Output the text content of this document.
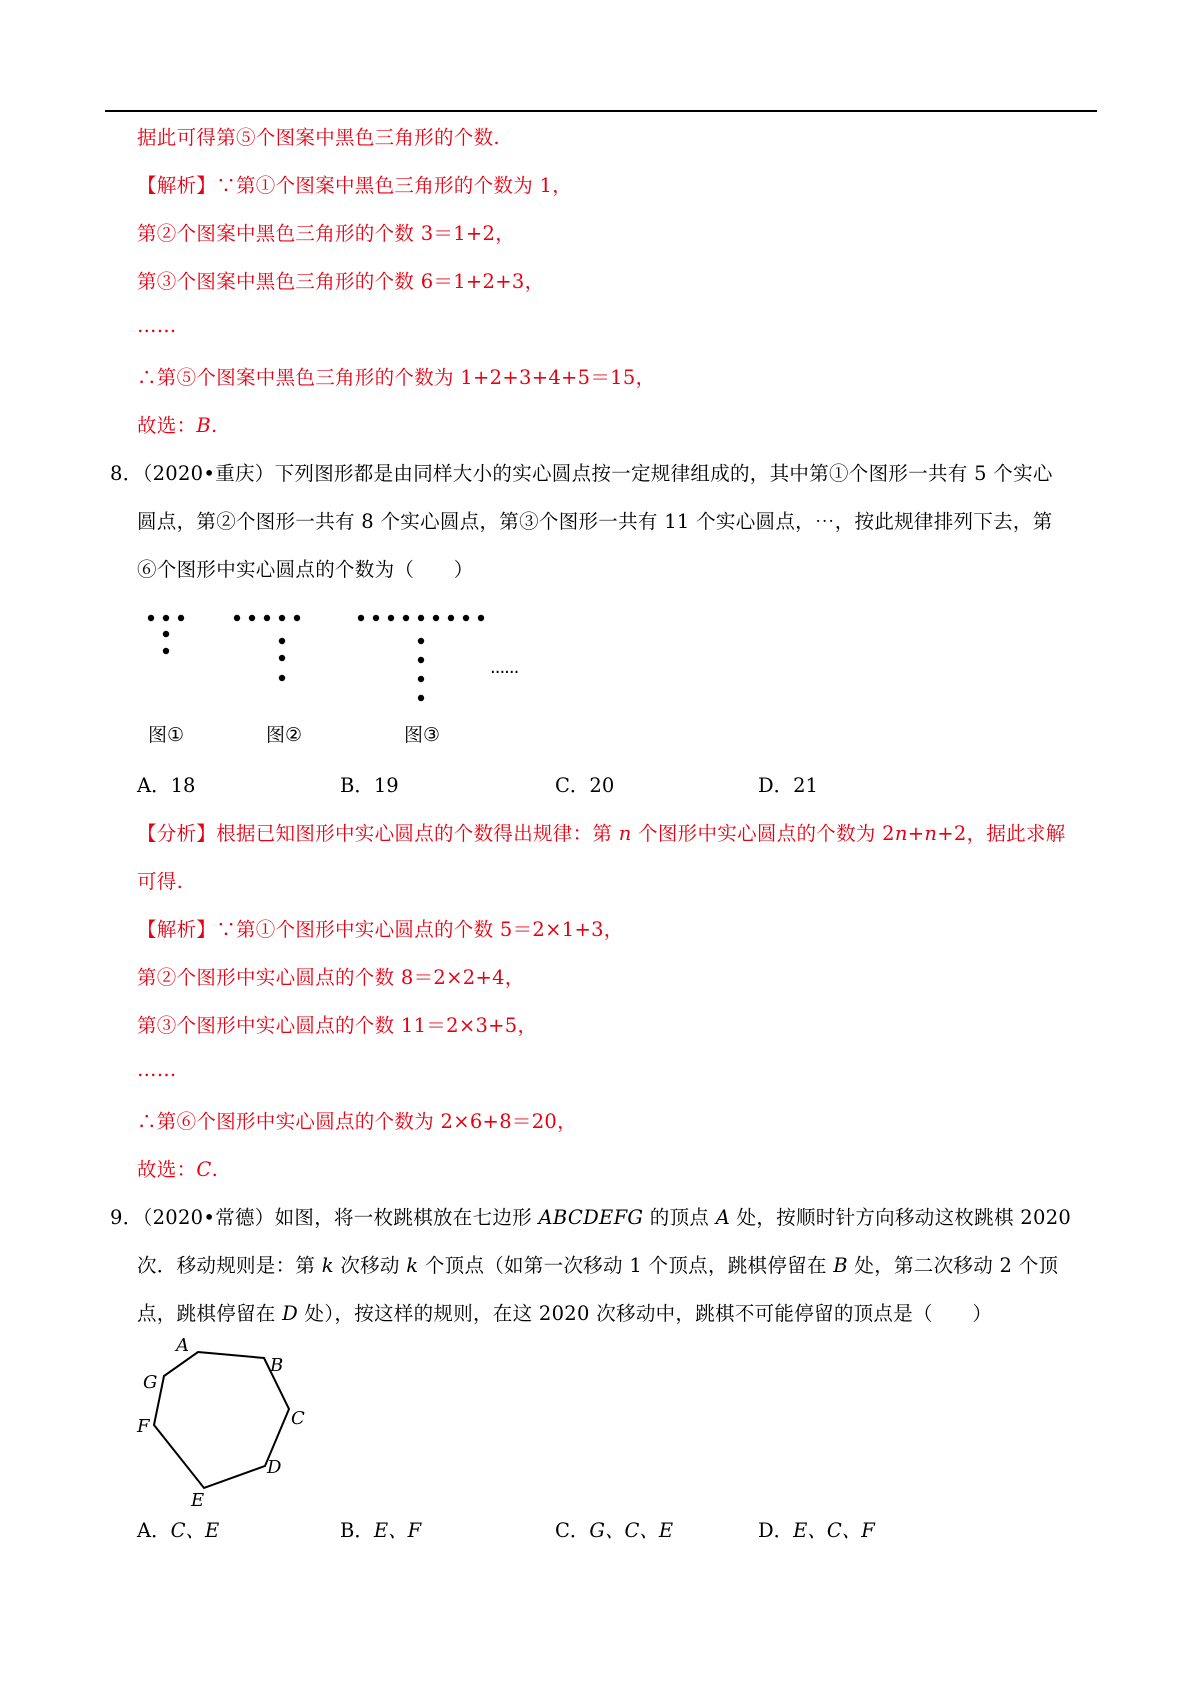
据此可得第⑤个图案中黑色三角形的个数.
【解析】∵第①个图案中黑色三角形的个数为 1，
第②个图案中黑色三角形的个数 3＝1+2，
第③个图案中黑色三角形的个数 6＝1+2+3，
……
∴第⑤个图案中黑色三角形的个数为 1+2+3+4+5＝15，
故选：B.
8．（2020•重庆）下列图形都是由同样大小的实心圆点按一定规律组成的，其中第①个图形一共有 5 个实心
圆点，第②个图形一共有 8 个实心圆点，第③个图形一共有 11 个实心圆点，⋯，按此规律排列下去，第
⑥个图形中实心圆点的个数为（　　）
......
图①	图②	图③
A．18	B．19	C．20	D．21
【分析】根据已知图形中实心圆点的个数得出规律：第 n 个图形中实心圆点的个数为 2n+n+2，据此求解
可得.
【解析】∵第①个图形中实心圆点的个数 5＝2×1+3，
第②个图形中实心圆点的个数 8＝2×2+4，
第③个图形中实心圆点的个数 11＝2×3+5，
……
∴第⑥个图形中实心圆点的个数为 2×6+8＝20，
故选：C.
9．（2020•常德）如图，将一枚跳棋放在七边形 ABCDEFG 的顶点 A 处，按顺时针方向移动这枚跳棋 2020
次．移动规则是：第 k 次移动 k 个顶点（如第一次移动 1 个顶点，跳棋停留在 B 处，第二次移动 2 个顶
点，跳棋停留在 D 处），按这样的规则，在这 2020 次移动中，跳棋不可能停留的顶点是（　　）
A
B
C
D
E
F
G
A．C、E	B．E、F	C．G、C、E	D．E、C、F
